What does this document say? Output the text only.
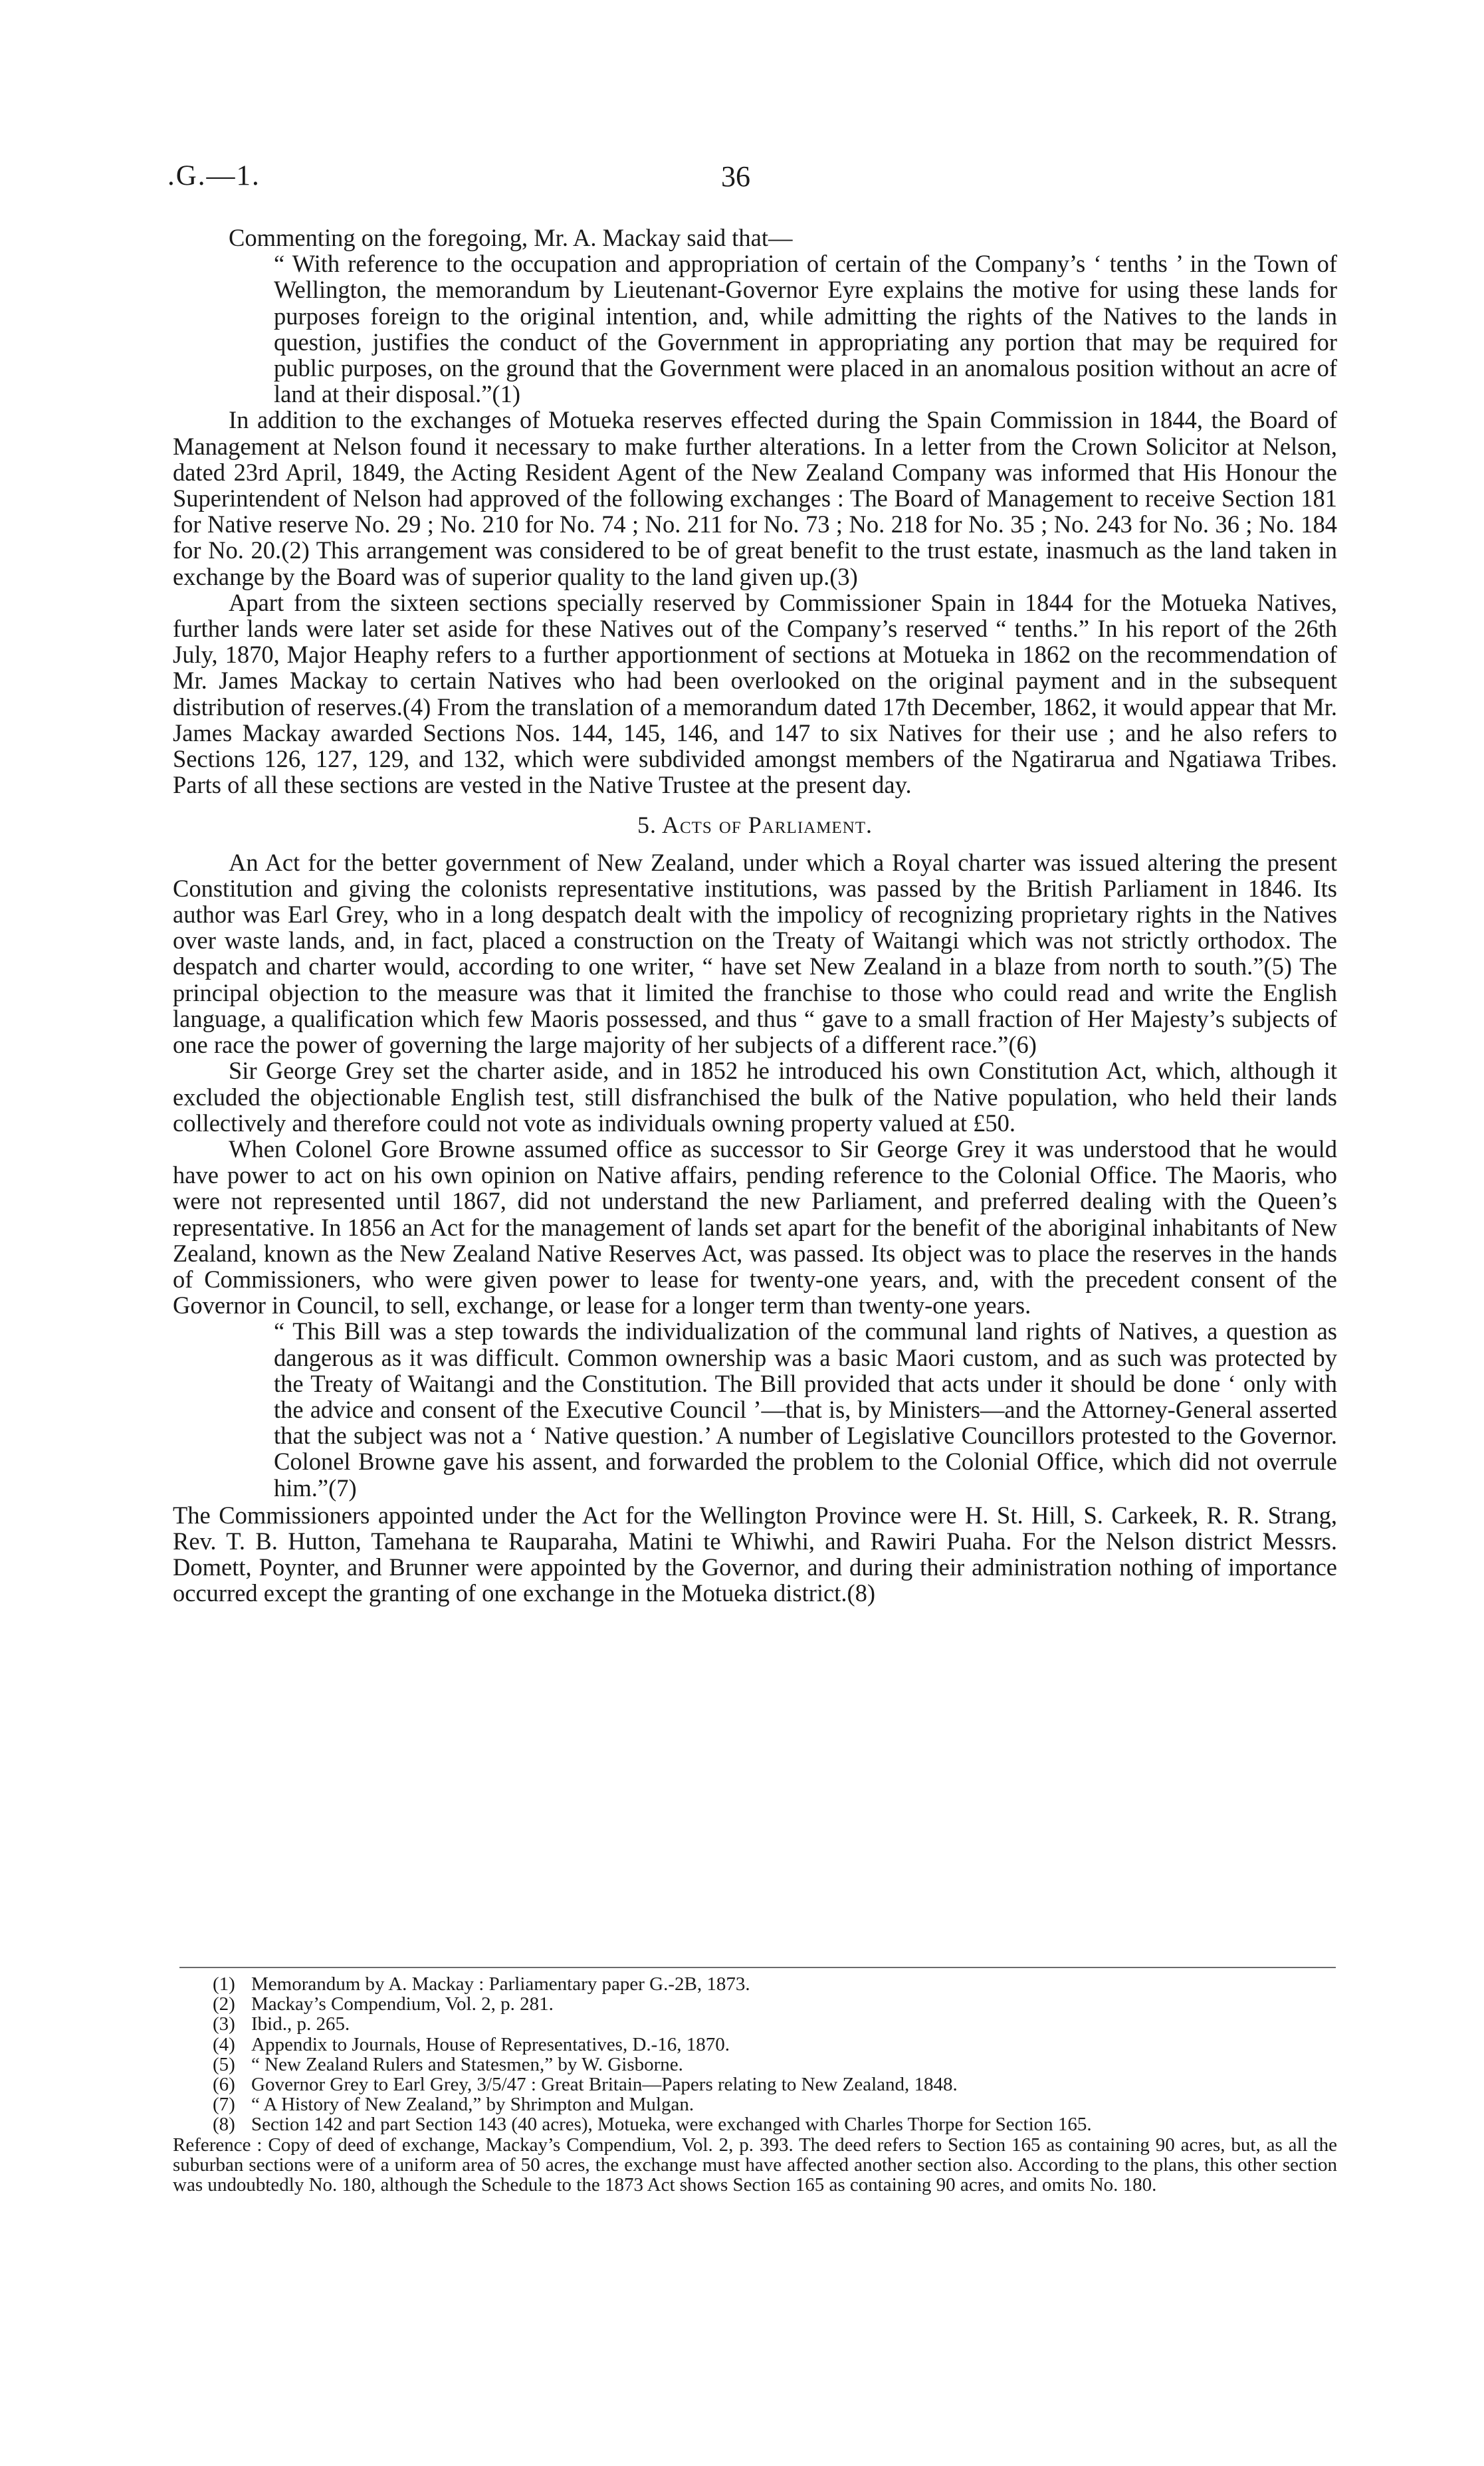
.G.—1.	36

Commenting on the foregoing, Mr. A. Mackay said that—

“ With reference to the occupation and appropriation of certain of the Company’s ‘ tenths ’ in the Town of Wellington, the memorandum by Lieutenant-Governor Eyre explains the motive for using these lands for purposes foreign to the original intention, and, while admitting the rights of the Natives to the lands in question, justifies the conduct of the Government in appropriating any portion that may be required for public purposes, on the ground that the Government were placed in an anomalous position without an acre of land at their disposal.”(1)

In addition to the exchanges of Motueka reserves effected during the Spain Commission in 1844, the Board of Management at Nelson found it necessary to make further alterations. In a letter from the Crown Solicitor at Nelson, dated 23rd April, 1849, the Acting Resident Agent of the New Zealand Company was informed that His Honour the Superintendent of Nelson had approved of the following exchanges : The Board of Management to receive Section 181 for Native reserve No. 29 ; No. 210 for No. 74 ; No. 211 for No. 73 ; No. 218 for No. 35 ; No. 243 for No. 36 ; No. 184 for No. 20.(2) This arrangement was considered to be of great benefit to the trust estate, inasmuch as the land taken in exchange by the Board was of superior quality to the land given up.(3)

Apart from the sixteen sections specially reserved by Commissioner Spain in 1844 for the Motueka Natives, further lands were later set aside for these Natives out of the Company’s reserved “ tenths.” In his report of the 26th July, 1870, Major Heaphy refers to a further apportionment of sections at Motueka in 1862 on the recommendation of Mr. James Mackay to certain Natives who had been overlooked on the original payment and in the subsequent distribution of reserves.(4) From the translation of a memorandum dated 17th December, 1862, it would appear that Mr. James Mackay awarded Sections Nos. 144, 145, 146, and 147 to six Natives for their use ; and he also refers to Sections 126, 127, 129, and 132, which were subdivided amongst members of the Ngatirarua and Ngatiawa Tribes. Parts of all these sections are vested in the Native Trustee at the present day.

5. Acts of Parliament.

An Act for the better government of New Zealand, under which a Royal charter was issued altering the present Constitution and giving the colonists representative institutions, was passed by the British Parliament in 1846. Its author was Earl Grey, who in a long despatch dealt with the impolicy of recognizing proprietary rights in the Natives over waste lands, and, in fact, placed a construction on the Treaty of Waitangi which was not strictly orthodox. The despatch and charter would, according to one writer, “ have set New Zealand in a blaze from north to south.”(5) The principal objection to the measure was that it limited the franchise to those who could read and write the English language, a qualification which few Maoris possessed, and thus “ gave to a small fraction of Her Majesty’s subjects of one race the power of governing the large majority of her subjects of a different race.”(6)

Sir George Grey set the charter aside, and in 1852 he introduced his own Constitution Act, which, although it excluded the objectionable English test, still disfranchised the bulk of the Native population, who held their lands collectively and therefore could not vote as individuals owning property valued at £50.

When Colonel Gore Browne assumed office as successor to Sir George Grey it was understood that he would have power to act on his own opinion on Native affairs, pending reference to the Colonial Office. The Maoris, who were not represented until 1867, did not understand the new Parliament, and preferred dealing with the Queen’s representative. In 1856 an Act for the management of lands set apart for the benefit of the aboriginal inhabitants of New Zealand, known as the New Zealand Native Reserves Act, was passed. Its object was to place the reserves in the hands of Commissioners, who were given power to lease for twenty-one years, and, with the precedent consent of the Governor in Council, to sell, exchange, or lease for a longer term than twenty-one years.

“ This Bill was a step towards the individualization of the communal land rights of Natives, a question as dangerous as it was difficult. Common ownership was a basic Maori custom, and as such was protected by the Treaty of Waitangi and the Constitution. The Bill provided that acts under it should be done ‘ only with the advice and consent of the Executive Council ’—that is, by Ministers—and the Attorney-General asserted that the subject was not a ‘ Native question.’ A number of Legislative Councillors protested to the Governor. Colonel Browne gave his assent, and forwarded the problem to the Colonial Office, which did not overrule him.”(7)

The Commissioners appointed under the Act for the Wellington Province were H. St. Hill, S. Carkeek, R. R. Strang, Rev. T. B. Hutton, Tamehana te Rauparaha, Matini te Whiwhi, and Rawiri Puaha. For the Nelson district Messrs. Domett, Poynter, and Brunner were appointed by the Governor, and during their administration nothing of importance occurred except the granting of one exchange in the Motueka district.(8)

(1) Memorandum by A. Mackay : Parliamentary paper G.-2B, 1873.

(2) Mackay’s Compendium, Vol. 2, p. 281.

(3) Ibid., p. 265.

(4) Appendix to Journals, House of Representatives, D.-16, 1870.

(5) “ New Zealand Rulers and Statesmen,” by W. Gisborne.

(6) Governor Grey to Earl Grey, 3/5/47 : Great Britain—Papers relating to New Zealand, 1848.

(7) “ A History of New Zealand,” by Shrimpton and Mulgan.

(8) Section 142 and part Section 143 (40 acres), Motueka, were exchanged with Charles Thorpe for Section 165.

Reference : Copy of deed of exchange, Mackay’s Compendium, Vol. 2, p. 393. The deed refers to Section 165 as containing 90 acres, but, as all the suburban sections were of a uniform area of 50 acres, the exchange must have affected another section also. According to the plans, this other section was undoubtedly No. 180, although the Schedule to the 1873 Act shows Section 165 as containing 90 acres, and omits No. 180.
